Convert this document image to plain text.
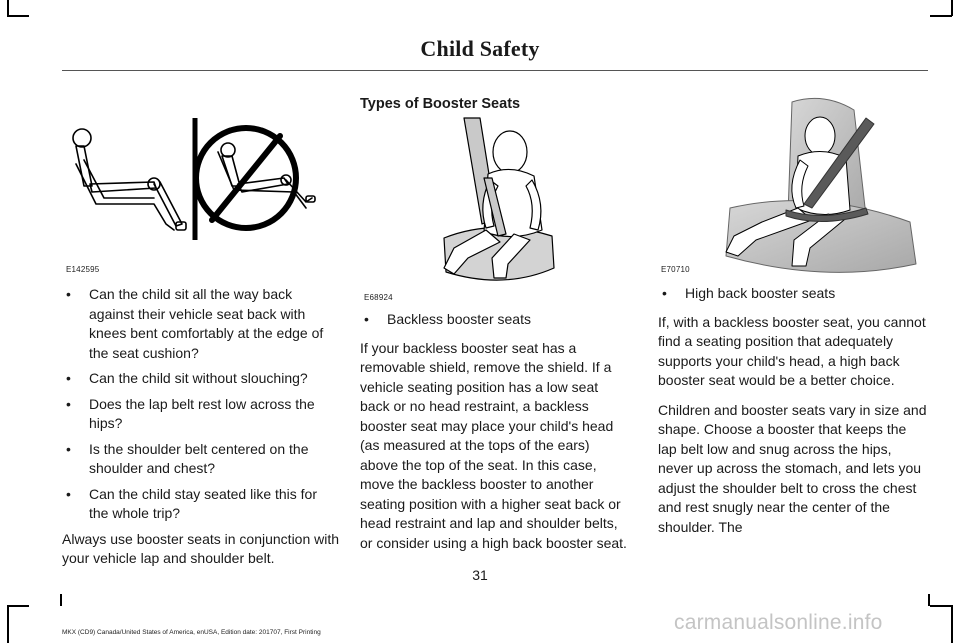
Child Safety
E142595
E68924
E70710
• Can the child sit all the way back against their vehicle seat back with knees bent comfortably at the edge of the seat cushion?
• Can the child sit without slouching?
• Does the lap belt rest low across the hips?
• Is the shoulder belt centered on the shoulder and chest?
• Can the child stay seated like this for the whole trip?

Always use booster seats in conjunction with your vehicle lap and shoulder belt.

Types of Booster Seats
• Backless booster seats

If your backless booster seat has a removable shield, remove the shield. If a vehicle seating position has a low seat back or no head restraint, a backless booster seat may place your child's head (as measured at the tops of the ears) above the top of the seat. In this case, move the backless booster to another seating position with a higher seat back or head restraint and lap and shoulder belts, or consider using a high back booster seat.

• High back booster seats

If, with a backless booster seat, you cannot find a seating position that adequately supports your child's head, a high back booster seat would be a better choice.

Children and booster seats vary in size and shape. Choose a booster that keeps the lap belt low and snug across the hips, never up across the stomach, and lets you adjust the shoulder belt to cross the chest and rest snugly near the center of the shoulder. The

31
MKX (CD9) Canada/United States of America, enUSA, Edition date: 201707, First Printing	carmanualsonline.info
